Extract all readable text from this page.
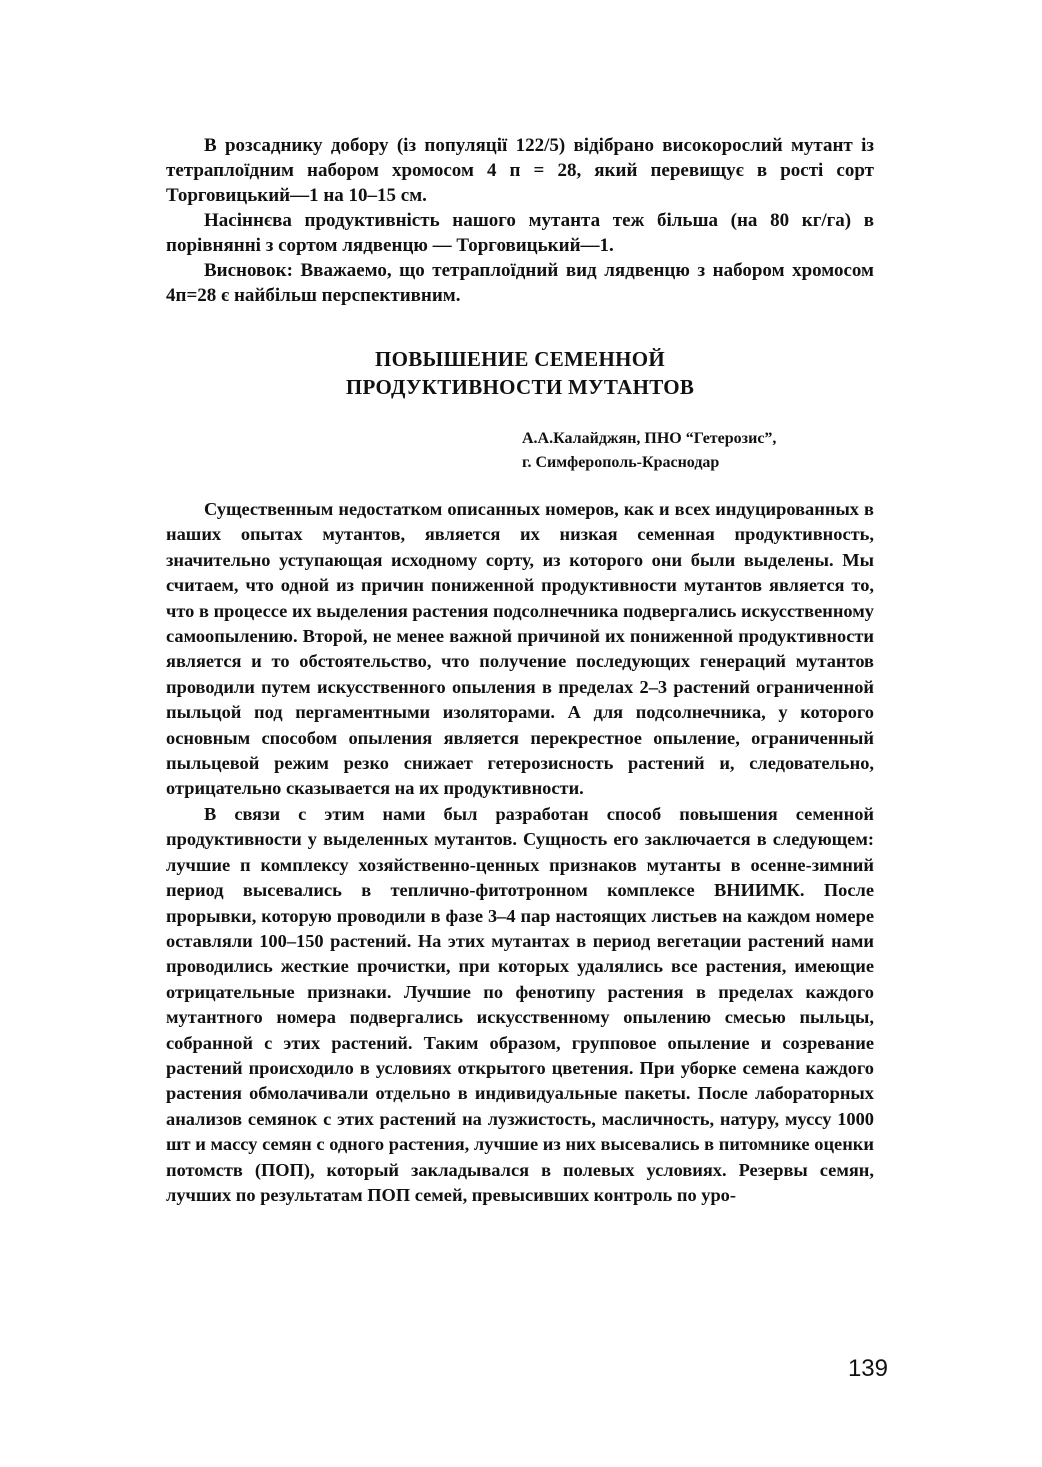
В розсаднику добору (із популяції 122/5) відібрано високорослий мутант із тетраплоїдним набором хромосом 4 п = 28, який перевищує в рості сорт Торговицький—1 на 10–15 см.

Насіннєва продуктивність нашого мутанта теж більша (на 80 кг/га) в порівнянні з сортом лядвенцю — Торговицький—1.

Висновок: Вважаемо, що тетраплоїдний вид лядвенцю з набором хромосом 4п=28 є найбільш перспективним.

ПОВЫШЕНИЕ СЕМЕННОЙ
ПРОДУКТИВНОСТИ МУТАНТОВ
А.А.Калайджян, ПНО “Гетерозис”,
г. Симферополь-Краснодар

Существенным недостатком описанных номеров, как и всех индуцированных в наших опытах мутантов, является их низкая семенная продуктивность, значительно уступающая исходному сорту, из которого они были выделены. Мы считаем, что одной из причин пониженной продуктивности мутантов является то, что в процессе их выделения растения подсолнечника подвергались искусственному самоопылению. Второй, не менее важной причиной их пониженной продуктивности является и то обстоятельство, что получение последующих генераций мутантов проводили путем искусственного опыления в пределах 2–3 растений ограниченной пыльцой под пергаментными изоляторами. А для подсолнечника, у которого основным способом опыления является перекрестное опыление, ограниченный пыльцевой режим резко снижает гетерозисность растений и, следовательно, отрицательно сказывается на их продуктивности.

В связи с этим нами был разработан способ повышения семенной продуктивности у выделенных мутантов. Сущность его заключается в следующем: лучшие п комплексу хозяйственно-ценных признаков мутанты в осенне-зимний период высевались в теплично-фитотронном комплексе ВНИИМК. После прорывки, которую проводили в фазе 3–4 пар настоящих листьев на каждом номере оставляли 100–150 растений. На этих мутантах в период вегетации растений нами проводились жесткие прочистки, при которых удалялись все растения, имеющие отрицательные признаки. Лучшие по фенотипу растения в пределах каждого мутантного номера подвергались искусственному опылению смесью пыльцы, собранной с этих растений. Таким образом, групповое опыление и созревание растений происходило в условиях открытого цветения. При уборке семена каждого растения обмолачивали отдельно в индивидуальные пакеты. После лабораторных анализов семянок с этих растений на лузжистость, масличность, натуру, муссу 1000 шт и массу семян с одного растения, лучшие из них высевались в питомнике оценки потомств (ПОП), который закладывался в полевых условиях. Резервы семян, лучших по результатам ПОП семей, превысивших контроль по уро-

139
